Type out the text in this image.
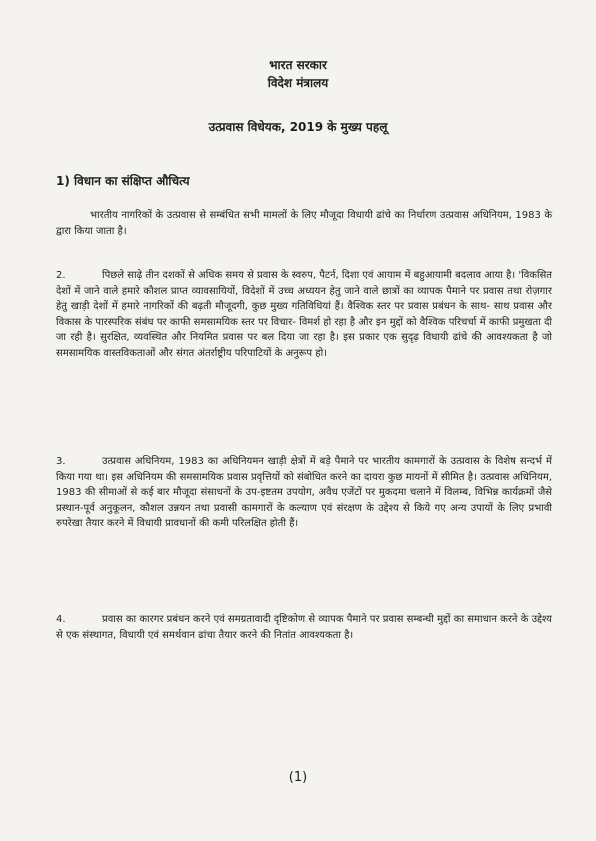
भारत सरकार
विदेश मंत्रालय
उत्प्रवास विधेयक, 2019 के मुख्य पहलू
1) विधान का संक्षिप्त औचित्य

भारतीय नागरिकों के उत्प्रवास से सम्बंधित सभी मामलों के लिए मौजूदा विधायी ढांचे का निर्धारण उत्प्रवास अधिनियम, 1983 के द्वारा किया जाता है।

2.	पिछले साढ़े तीन दशकों से अधिक समय से प्रवास के स्वरुप, पैटर्न, दिशा एवं आयाम में बहुआयामी बदलाव आया है। 'विकसित देशों में जाने वाले हमारे कौशल प्राप्त व्यावसायियों, विदेशों में उच्च अध्ययन हेतु जाने वाले छात्रों का व्यापक पैमाने पर प्रवास तथा रोज़गार हेतु खाड़ी देशों में हमारे नागरिकों की बढ़ती मौजूदगी, कुछ मुख्य गतिविधियां हैं। वैश्विक स्तर पर प्रवास प्रबंधन के साथ- साथ प्रवास और विकास के पारस्परिक संबंध पर काफी समसामयिक स्तर पर विचार- विमर्श हो रहा है और इन मुद्दों को वैश्विक परिचर्चा में काफी प्रमुखता दी जा रही है। सुरक्षित, व्यवस्थित और नियमित प्रवास पर बल दिया जा रहा है। इस प्रकार एक सुदृढ़ विधायी ढांचे की आवश्यकता है जो समसामयिक वास्तविकताओं और संगत अंतर्राष्ट्रीय परिपाटियों के अनुरूप हो।

3.	उत्प्रवास अधिनियम, 1983 का अधिनियमन खाड़ी क्षेत्रों में बड़े पैमाने पर भारतीय कामगारों के उत्प्रवास के विशेष सन्दर्भ में किया गया था। इस अधिनियम की समसामयिक प्रवास प्रवृत्तियों को संबोधित करने का दायरा कुछ मायनों में सीमित है। उत्प्रवास अधिनियम, 1983 की सीमाओं से कई बार मौजूदा संसाधनों के उप-इष्टतम उपयोग, अवैध एजेंटों पर मुकदमा चलाने में विलम्ब, विभिन्न कार्यक्रमों जैसे प्रस्थान-पूर्व अनुकूलन, कौशल उन्नयन तथा प्रवासी कामगारों के कल्याण एवं संरक्षण के उद्देश्य से किये गए अन्य उपायों के लिए प्रभावी रुपरेखा तैयार करने में विधायी प्रावधानों की कमी परिलक्षित होती हैं।

4.	प्रवास का कारगर प्रबंधन करने एवं समग्रतावादी दृष्टिकोण से व्यापक पैमाने पर प्रवास सम्बन्धी मुद्दों का समाधान करने के उद्देश्य से एक संस्थागत, विधायी एवं समर्थवान ढांचा तैयार करने की नितांत आवश्यकता है।

(1)
